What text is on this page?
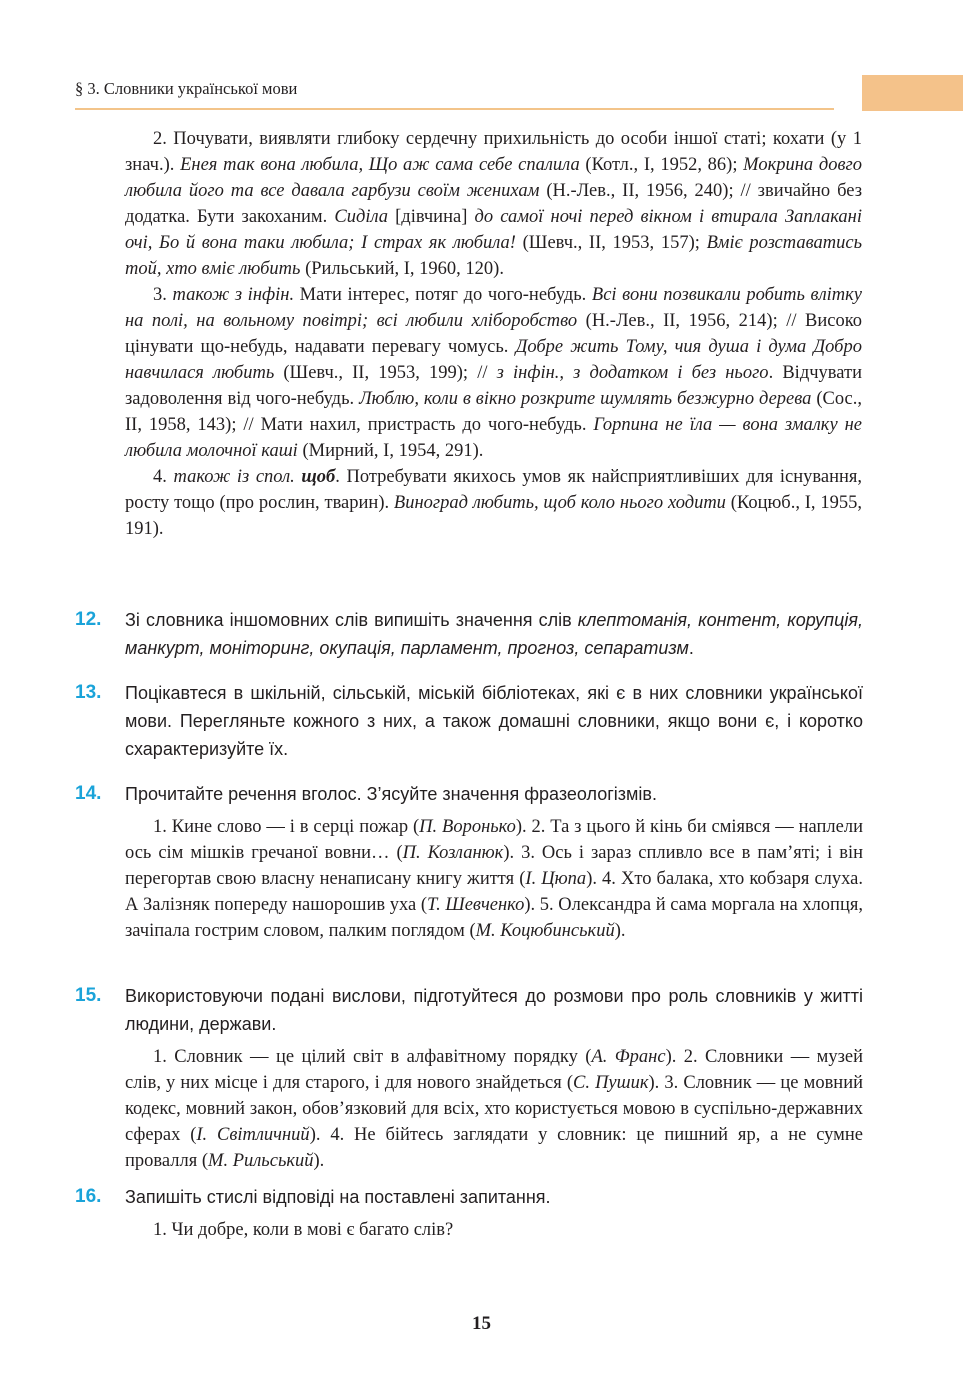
§ 3. Словники української мови

2. Почувати, виявляти глибоку сердечну прихильність до особи іншої статі; кохати (у 1 знач.). Енея так вона любила, Що аж сама себе спалила (Котл., I, 1952, 86); Мокрина довго любила його та все давала гарбузи своїм женихам (Н.-Лев., II, 1956, 240); // звичайно без додатка. Бути закоханим. Сиділа [дівчина] до самої ночі перед вікном і втирала Заплакані очі, Бо й вона таки любила; І страх як любила! (Шевч., II, 1953, 157); Вміє розставатись той, хто вміє любить (Рильський, I, 1960, 120).

3. також з інфін. Мати інтерес, потяг до чого-небудь. Всі вони позвикали робить влітку на полі, на вольному повітрі; всі любили хліборобство (Н.-Лев., II, 1956, 214); // Високо цінувати що-небудь, надавати перевагу чомусь. Добре жить Тому, чия душа і дума Добро навчилася любить (Шевч., II, 1953, 199); // з інфін., з додатком і без нього. Відчувати задоволення від чого-небудь. Люблю, коли в вікно розкрите шумлять безжурно дерева (Сос., II, 1958, 143); // Мати нахил, пристрасть до чого-небудь. Горпина не їла — вона змалку не любила молочної каші (Мирний, I, 1954, 291).

4. також із спол. щоб. Потребувати якихось умов як найсприятливіших для існування, росту тощо (про рослин, тварин). Виноград любить, щоб коло нього ходити (Коцюб., I, 1955, 191).

12. Зі словника іншомовних слів випишіть значення слів клептоманія, контент, корупція, манкурт, моніторинг, окупація, парламент, прогноз, сепаратизм.
13. Поцікавтеся в шкільній, сільській, міській бібліотеках, які є в них словники української мови. Перегляньте кожного з них, а також домашні словники, якщо вони є, і коротко схарактеризуйте їх.
14. Прочитайте речення вголос. З’ясуйте значення фразеологізмів.
1. Кине слово — і в серці пожар (П. Воронько). 2. Та з цього й кінь би сміявся — наплели ось сім мішків гречаної вовни… (П. Козланюк). 3. Ось і зараз спливло все в пам’яті; і він перегортав свою власну ненаписану книгу життя (І. Цюпа). 4. Хто балака, хто кобзаря слуха. А Залізняк попереду нашорошив уха (Т. Шевченко). 5. Олександра й сама моргала на хлопця, зачіпала гострим словом, палким поглядом (М. Коцюбинський).
15. Використовуючи подані вислови, підготуйтеся до розмови про роль словників у житті людини, держави.
1. Словник — це цілий світ в алфавітному порядку (А. Франс). 2. Словники — музей слів, у них місце і для старого, і для нового знайдеться (С. Пушик). 3. Словник — це мовний кодекс, мовний закон, обов’язковий для всіх, хто користується мовою в суспільно-державних сферах (І. Світличний). 4. Не бійтесь заглядати у словник: це пишний яр, а не сумне провалля (М. Рильський).
16. Запишіть стислі відповіді на поставлені запитання.
1. Чи добре, коли в мові є багато слів?
15
